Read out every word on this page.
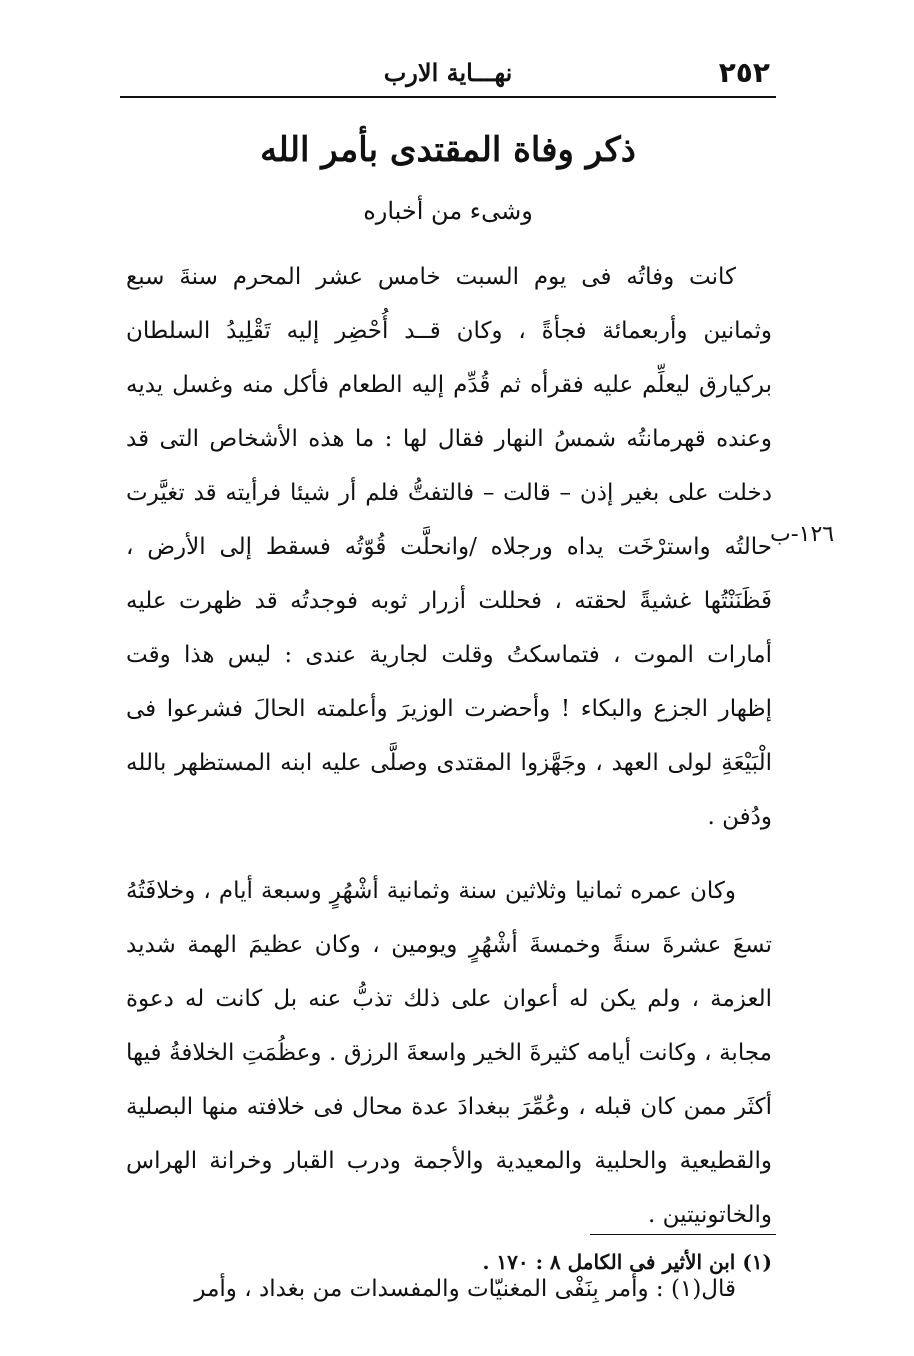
٢٥٢
نهـــاية الارب
ذكر وفاة المقتدى بأمر الله
وشىء من أخباره
١٢٦-ب

كانت وفاتُه فى يوم السبت خامس عشر المحرم سنةَ سبع وثمانين وأربعمائة فجأةً ، وكان قــد أُحْضِر إليه تَقْلِيدُ السلطان بركيارق ليعلِّم عليه فقرأه ثم قُدِّم إليه الطعام فأكل منه وغسل يديه وعنده قهرمانتُه شمسُ النهار فقال لها : ما هذه الأشخاص التى قد دخلت على بغير إذن – قالت – فالتفتُّ فلم أر شيئا فرأيته قد تغيَّرت حالتُه واسترْخَت يداه ورجلاه /وانحلَّت قُوّتُه فسقط إلى الأرض ، فَظَنَنْتُها غشيةً لحقته ، فحللت أزرار ثوبه فوجدتُه قد ظهرت عليه أمارات الموت ، فتماسكتُ وقلت لجارية عندى : ليس هذا وقت إظهار الجزع والبكاء ! وأحضرت الوزيرَ وأعلمته الحالَ فشرعوا فى الْبَيْعَةِ لولى العهد ، وجَهَّزوا المقتدى وصلَّى عليه ابنه المستظهر بالله ودُفن .

وكان عمره ثمانيا وثلاثين سنة وثمانية أشْهُرٍ وسبعة أيام ، وخلافَتُهُ تسعَ عشرةَ سنةً وخمسةَ أشْهُرٍ ويومين ، وكان عظيمَ الهمة شديد العزمة ، ولم يكن له أعوان على ذلك تذبُّ عنه بل كانت له دعوة مجابة ، وكانت أيامه كثيرةَ الخير واسعةَ الرزق . وعظُمَتِ الخلافةُ فيها أكثَر ممن كان قبله ، وعُمِّرَ ببغدادَ عدة محال فى خلافته منها البصلية والقطيعية والحلبية والمعيدية والأجمة ودرب القبار وخرانة الهراس والخاتونيتين .

قال(١) : وأمر بِنَفْى المغنيّات والمفسدات من بغداد ، وأمر

(١) ابن الأثير فى الكامل ٨ : ١٧٠ .
